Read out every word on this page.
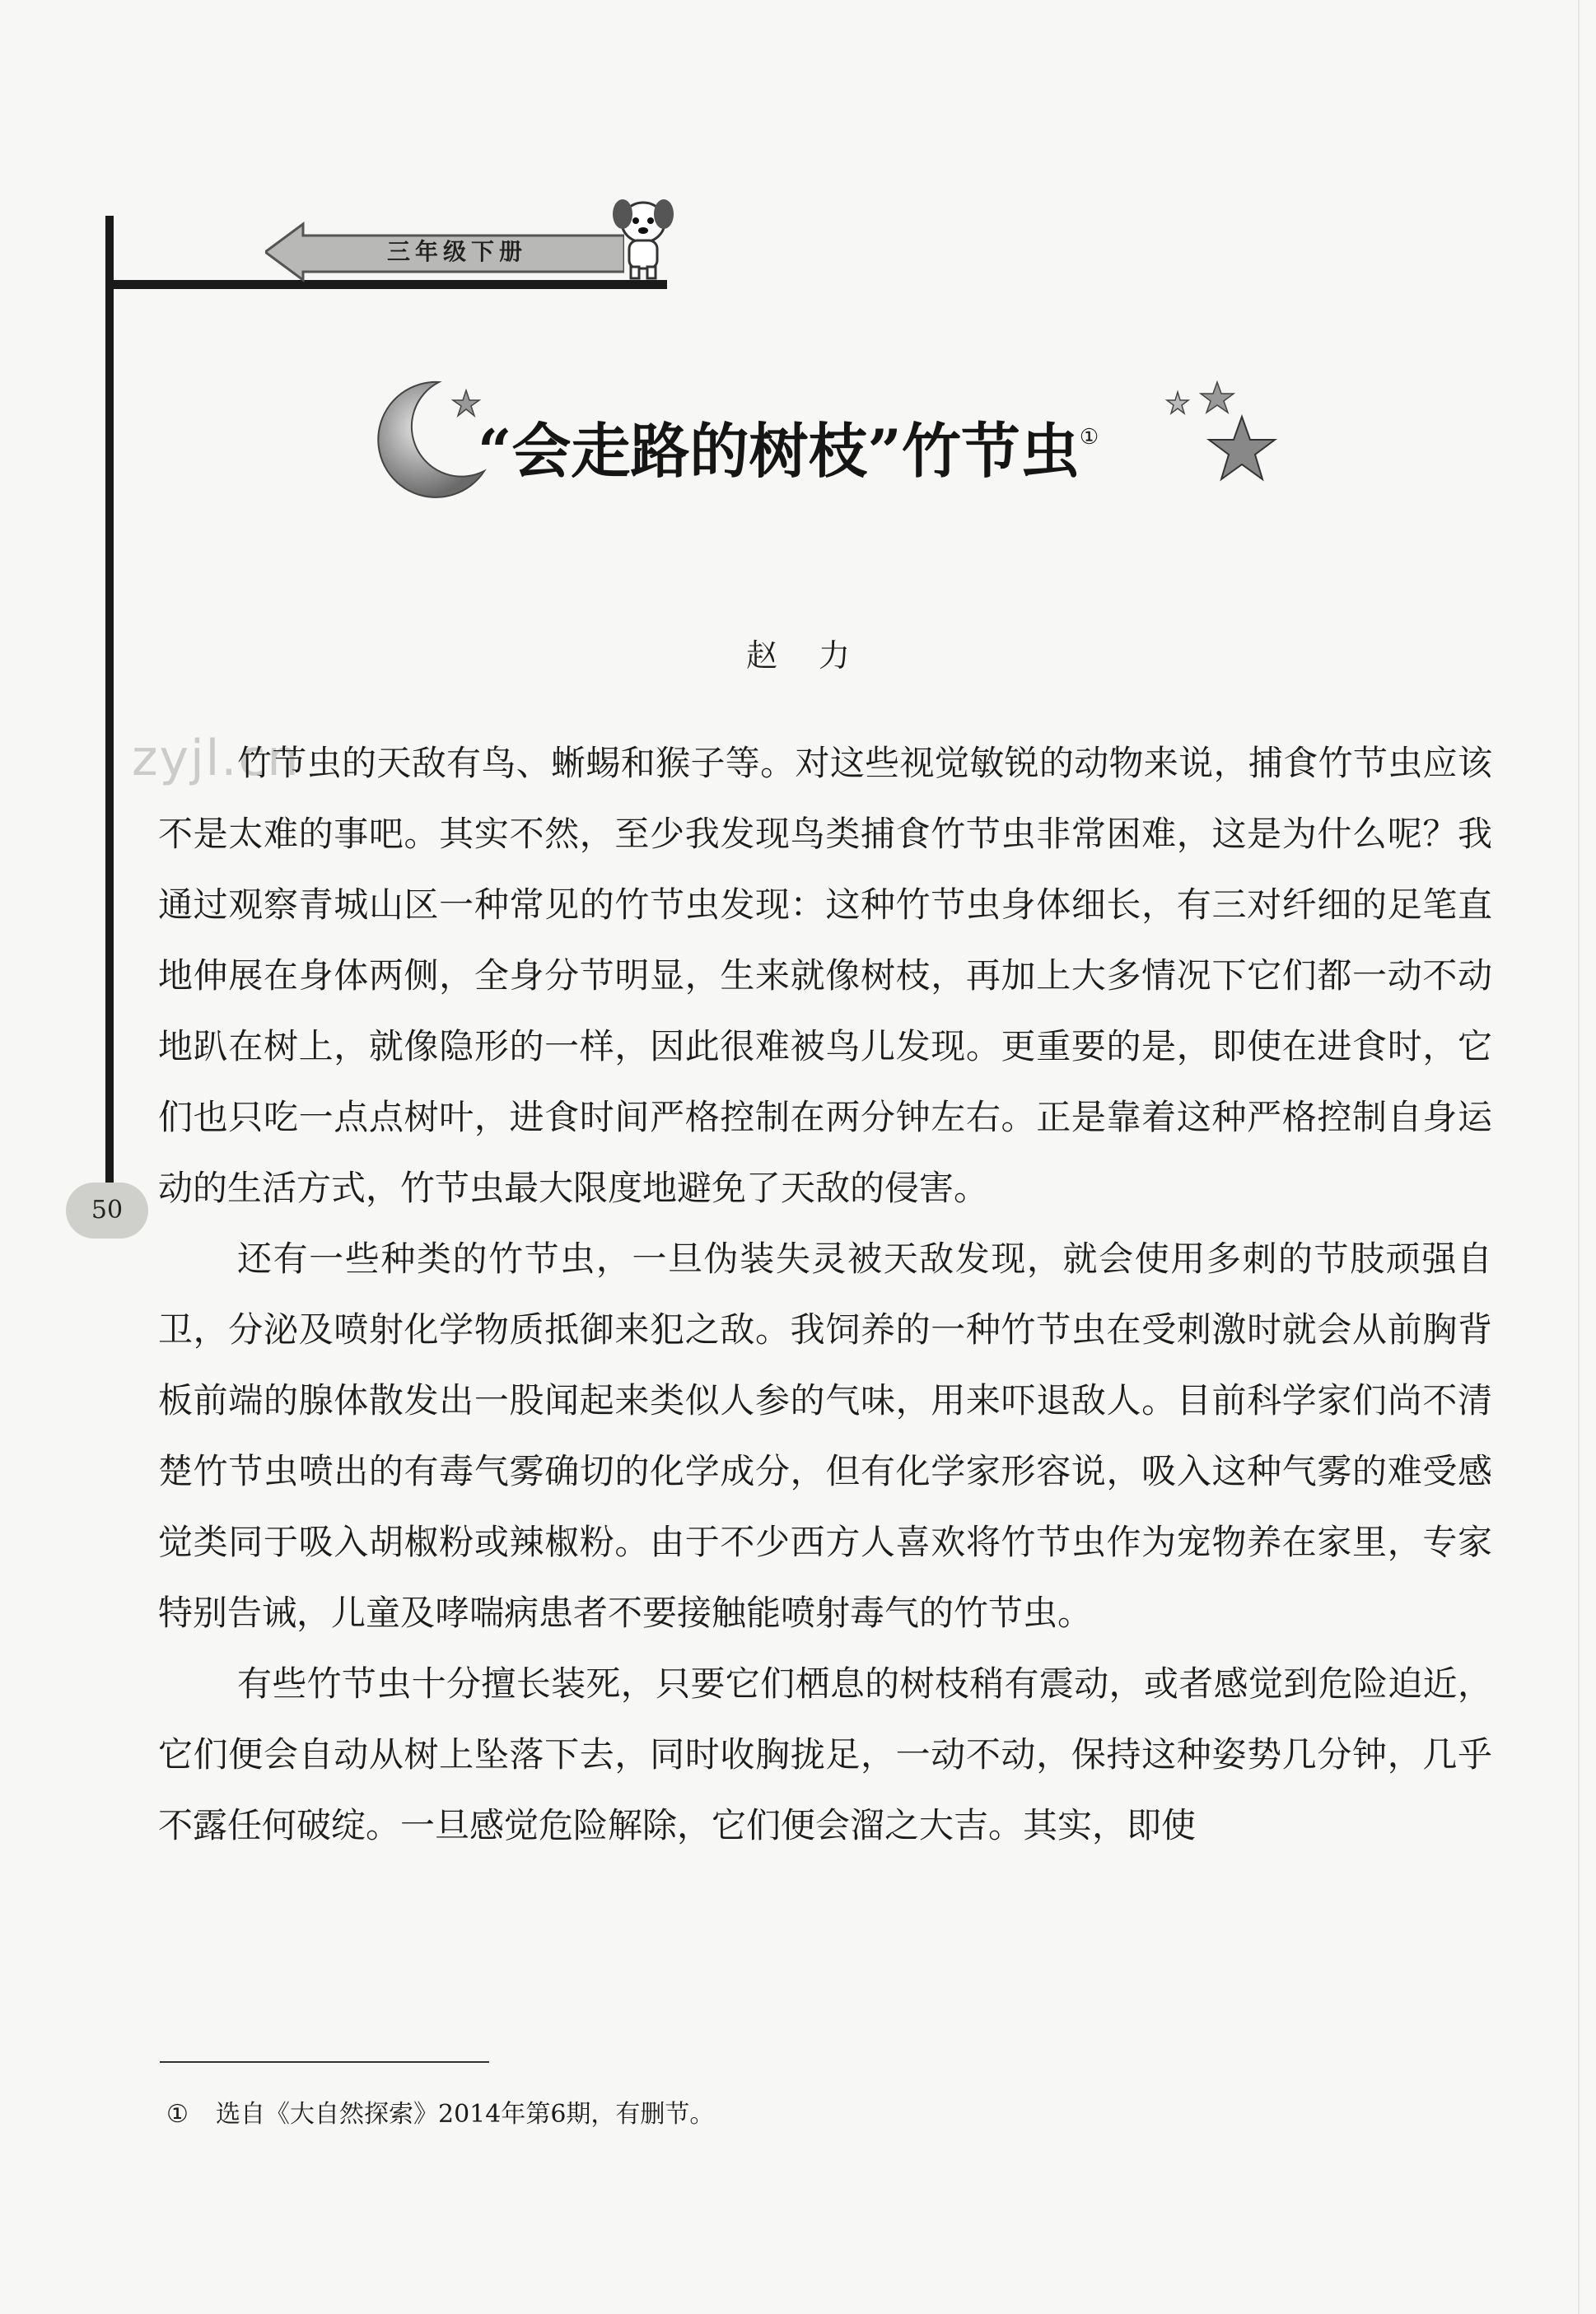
三年级下册
“会走路的树枝”竹节虫①
赵力
zyjl.cn

竹节虫的天敌有鸟、蜥蜴和猴子等。对这些视觉敏锐的动物来说，捕食竹节虫应该不是太难的事吧。其实不然，至少我发现鸟类捕食竹节虫非常困难，这是为什么呢？我通过观察青城山区一种常见的竹节虫发现：这种竹节虫身体细长，有三对纤细的足笔直地伸展在身体两侧，全身分节明显，生来就像树枝，再加上大多情况下它们都一动不动地趴在树上，就像隐形的一样，因此很难被鸟儿发现。更重要的是，即使在进食时，它们也只吃一点点树叶，进食时间严格控制在两分钟左右。正是靠着这种严格控制自身运动的生活方式，竹节虫最大限度地避免了天敌的侵害。

还有一些种类的竹节虫，一旦伪装失灵被天敌发现，就会使用多刺的节肢顽强自卫，分泌及喷射化学物质抵御来犯之敌。我饲养的一种竹节虫在受刺激时就会从前胸背板前端的腺体散发出一股闻起来类似人参的气味，用来吓退敌人。目前科学家们尚不清楚竹节虫喷出的有毒气雾确切的化学成分，但有化学家形容说，吸入这种气雾的难受感觉类同于吸入胡椒粉或辣椒粉。由于不少西方人喜欢将竹节虫作为宠物养在家里，专家特别告诫，儿童及哮喘病患者不要接触能喷射毒气的竹节虫。

有些竹节虫十分擅长装死，只要它们栖息的树枝稍有震动，或者感觉到危险迫近，它们便会自动从树上坠落下去，同时收胸拢足，一动不动，保持这种姿势几分钟，几乎不露任何破绽。一旦感觉危险解除，它们便会溜之大吉。其实，即使

50
① 选自《大自然探索》2014年第6期，有删节。
